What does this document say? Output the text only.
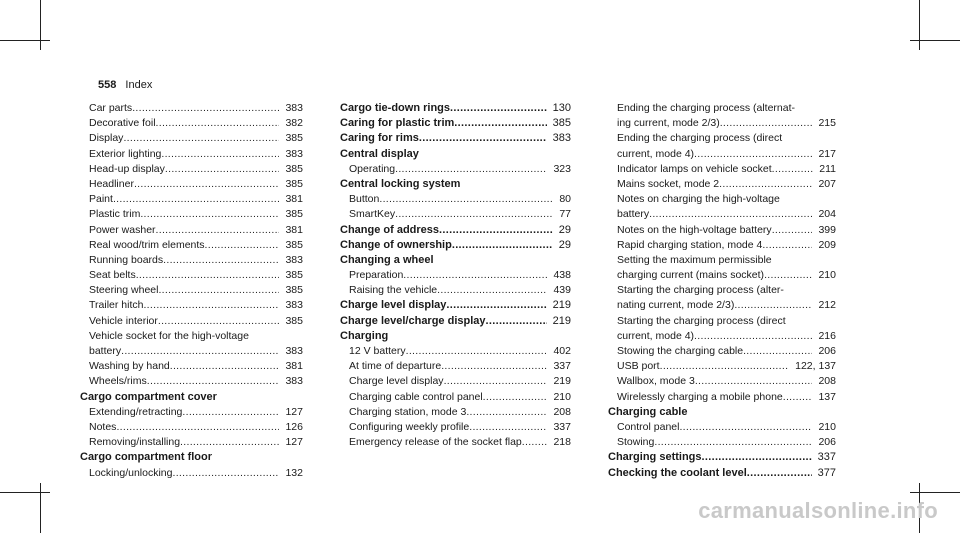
558 Index
Car parts .....	383
Decorative foil .....	382
Display .....	385
Exterior lighting .....	383
Head-up display .....	385
Headliner .....	385
Paint .....	381
Plastic trim .....	385
Power washer .....	381
Real wood/trim elements .....	385
Running boards .....	383
Seat belts .....	385
Steering wheel .....	385
Trailer hitch .....	383
Vehicle interior .....	385
Vehicle socket for the high-voltage
battery .....	383
Washing by hand .....	381
Wheels/rims .....	383
Cargo compartment cover
Extending/retracting .....	127
Notes .....	126
Removing/installing .....	127
Cargo compartment floor
Locking/unlocking .....	132
Cargo tie-down rings .....	130
Caring for plastic trim .....	385
Caring for rims .....	383
Central display
Operating .....	323
Central locking system
Button .....	80
SmartKey .....	77
Change of address .....	29
Change of ownership .....	29
Changing a wheel
Preparation .....	438
Raising the vehicle .....	439
Charge level display .....	219
Charge level/charge display .....	219
Charging
12 V battery .....	402
At time of departure .....	337
Charge level display .....	219
Charging cable control panel .....	210
Charging station, mode 3 .....	208
Configuring weekly profile .....	337
Emergency release of the socket flap .....	218
Ending the charging process (alternat-
ing current, mode 2/3) .....	215
Ending the charging process (direct
current, mode 4) .....	217
Indicator lamps on vehicle socket .....	211
Mains socket, mode 2 .....	207
Notes on charging the high-voltage
battery .....	204
Notes on the high-voltage battery .....	399
Rapid charging station, mode 4 .....	209
Setting the maximum permissible
charging current (mains socket) .....	210
Starting the charging process (alter-
nating current, mode 2/3) .....	212
Starting the charging process (direct
current, mode 4) .....	216
Stowing the charging cable .....	206
USB port .....	122, 137
Wallbox, mode 3 .....	208
Wirelessly charging a mobile phone .....	137
Charging cable
Control panel .....	210
Stowing .....	206
Charging settings .....	337
Checking the coolant level .....	377
carmanualsonline.info
